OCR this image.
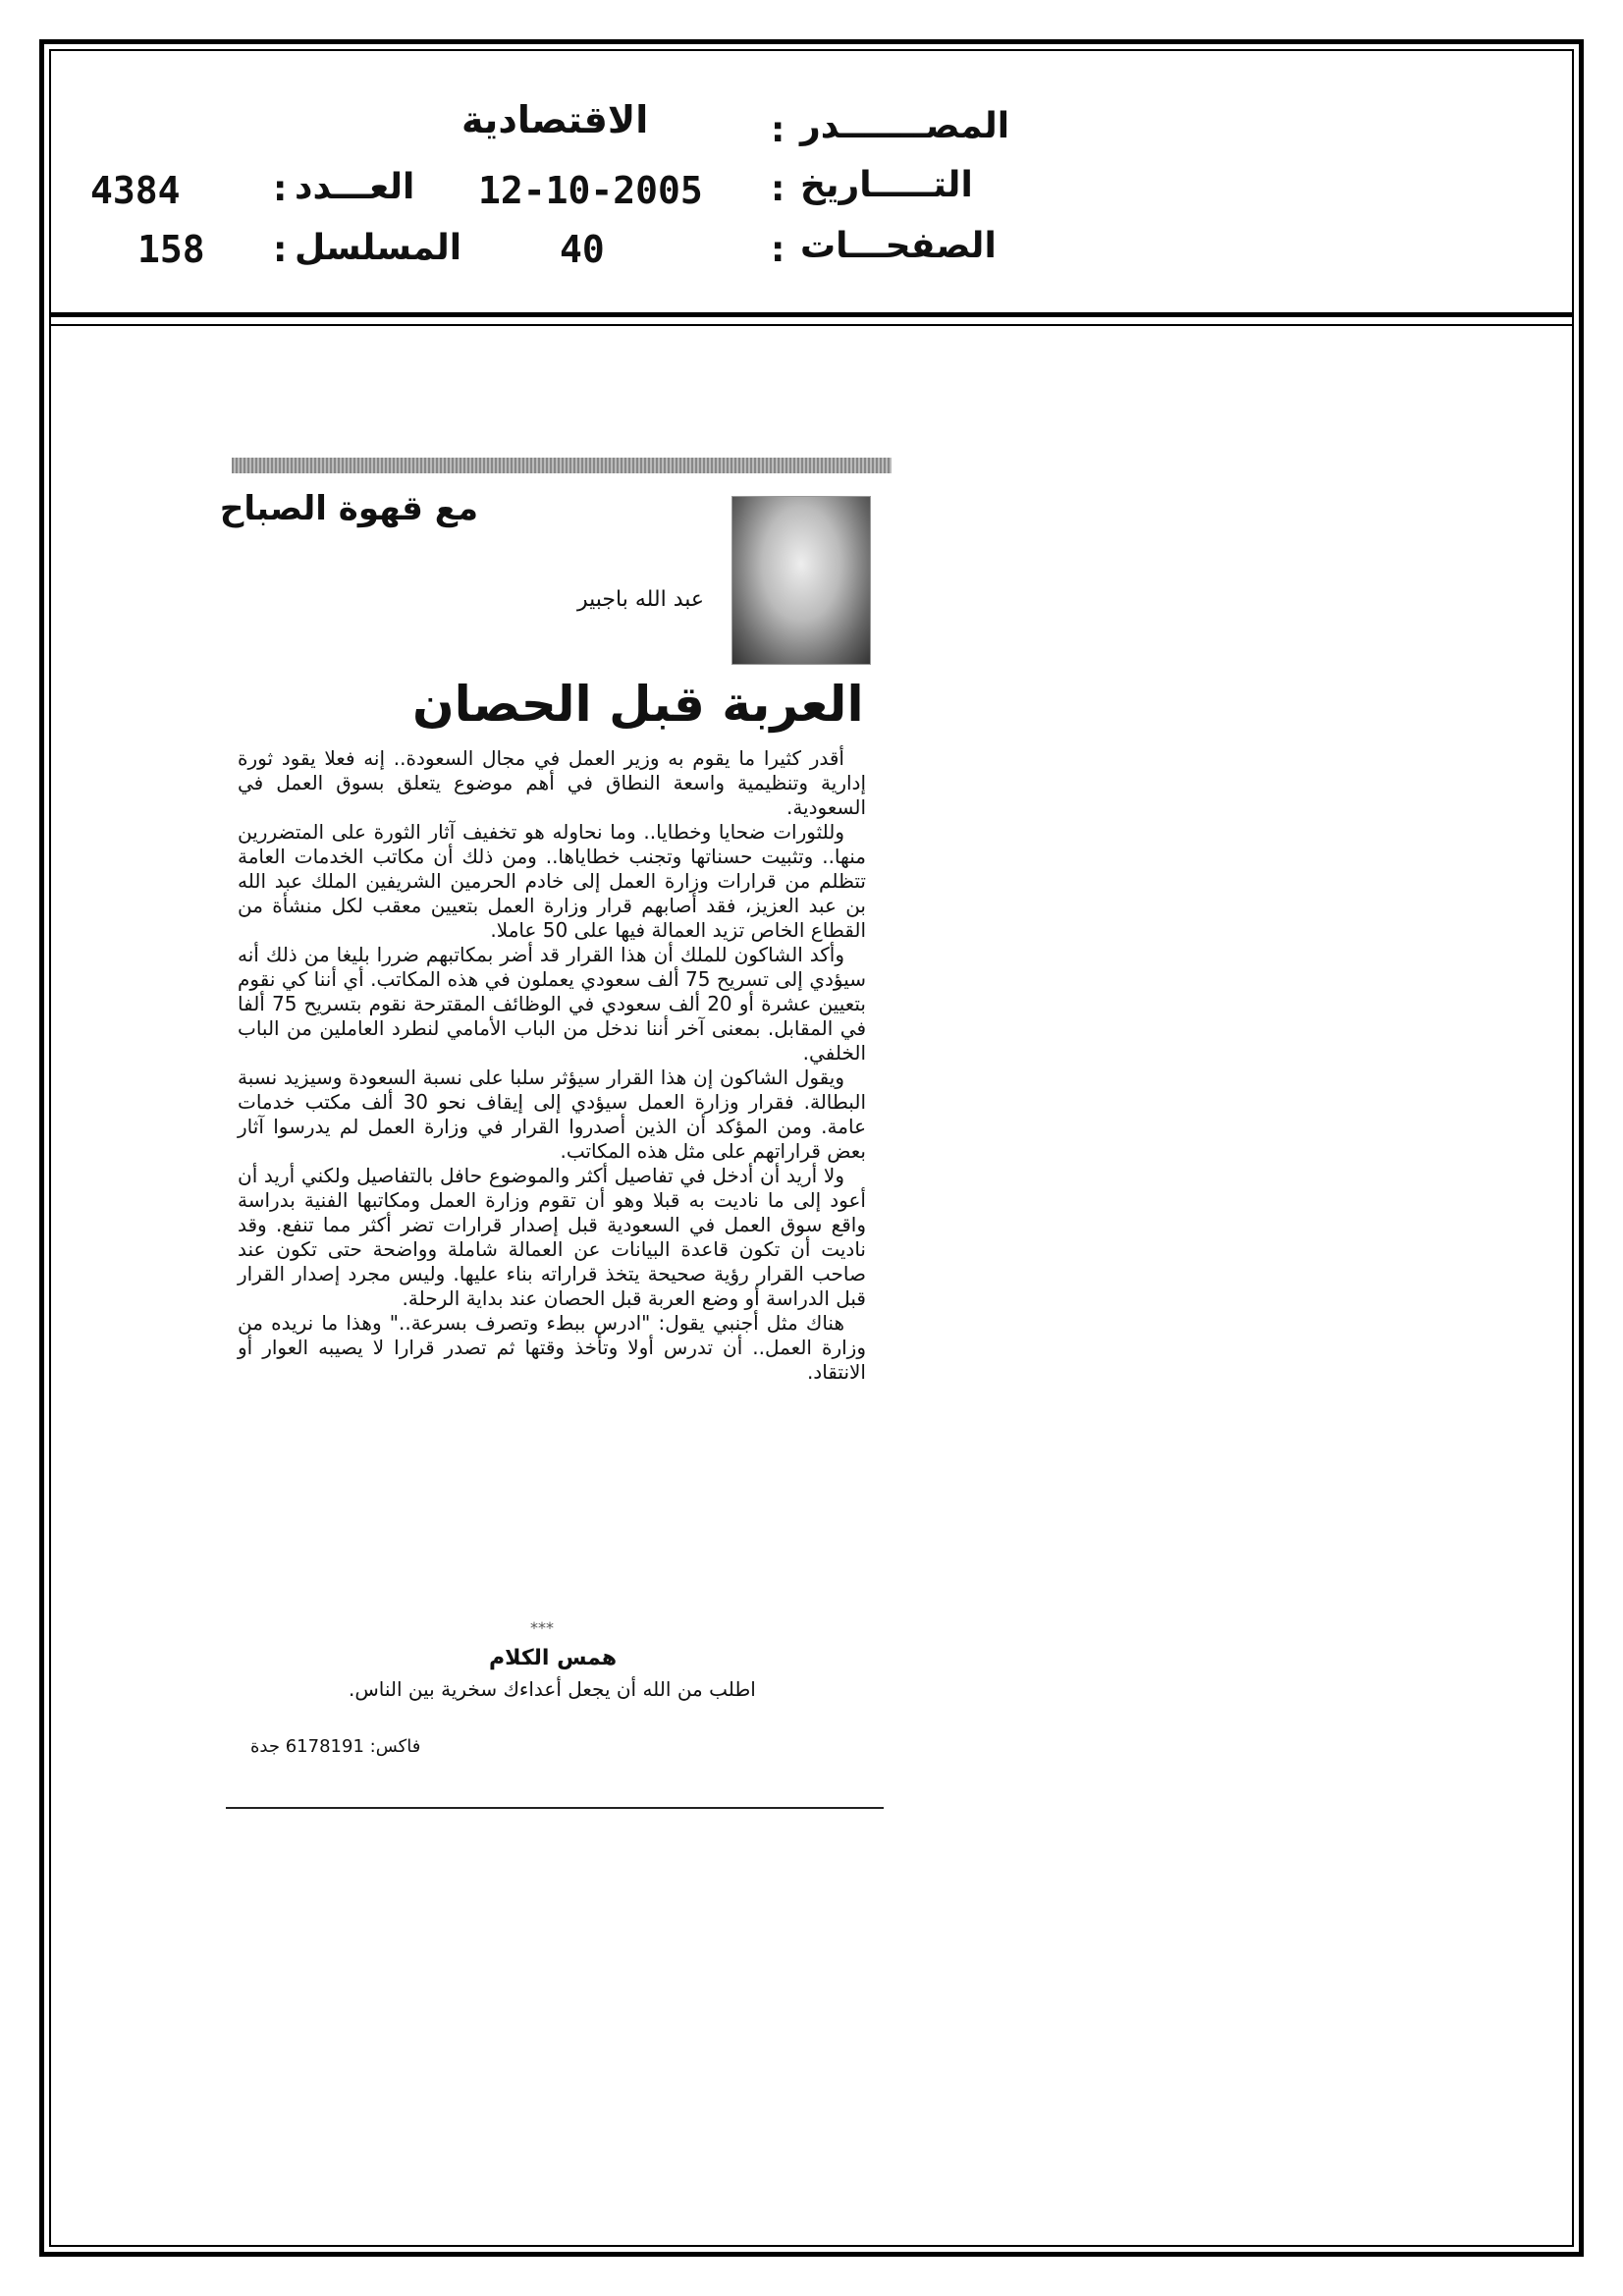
الاقتصادية	: المصـــــــدر
4384	: العـــدد 12-10-2005 : التـــــاريخ
158 : المسلسل	40	: الصفحـــات
مع قهوة الصباح
عبد الله باجبير
العربة قبل الحصان

أقدر كثيرا ما يقوم به وزير العمل في مجال السعودة.. إنه فعلا يقود ثورة إدارية وتنظيمية واسعة النطاق في أهم موضوع يتعلق بسوق العمل في السعودية.

وللثورات ضحايا وخطايا.. وما نحاوله هو تخفيف آثار الثورة على المتضررين منها.. وتثبيت حسناتها وتجنب خطاياها.. ومن ذلك أن مكاتب الخدمات العامة تتظلم من قرارات وزارة العمل إلى خادم الحرمين الشريفين الملك عبد الله بن عبد العزيز، فقد أصابهم قرار وزارة العمل بتعيين معقب لكل منشأة من القطاع الخاص تزيد العمالة فيها على 50 عاملا.

وأكد الشاكون للملك أن هذا القرار قد أضر بمكاتبهم ضررا بليغا من ذلك أنه سيؤدي إلى تسريح 75 ألف سعودي يعملون في هذه المكاتب. أي أننا كي نقوم بتعيين عشرة أو 20 ألف سعودي في الوظائف المقترحة نقوم بتسريح 75 ألفا في المقابل. بمعنى آخر أننا ندخل من الباب الأمامي لنطرد العاملين من الباب الخلفي.

ويقول الشاكون إن هذا القرار سيؤثر سلبا على نسبة السعودة وسيزيد نسبة البطالة. فقرار وزارة العمل سيؤدي إلى إيقاف نحو 30 ألف مكتب خدمات عامة. ومن المؤكد أن الذين أصدروا القرار في وزارة العمل لم يدرسوا آثار بعض قراراتهم على مثل هذه المكاتب.

ولا أريد أن أدخل في تفاصيل أكثر والموضوع حافل بالتفاصيل ولكني أريد أن أعود إلى ما ناديت به قبلا وهو أن تقوم وزارة العمل ومكاتبها الفنية بدراسة واقع سوق العمل في السعودية قبل إصدار قرارات تضر أكثر مما تنفع. وقد ناديت أن تكون قاعدة البيانات عن العمالة شاملة وواضحة حتى تكون عند صاحب القرار رؤية صحيحة يتخذ قراراته بناء عليها. وليس مجرد إصدار القرار قبل الدراسة أو وضع العربة قبل الحصان عند بداية الرحلة.

هناك مثل أجنبي يقول: "ادرس ببطء وتصرف بسرعة.." وهذا ما نريده من وزارة العمل.. أن تدرس أولا وتأخذ وقتها ثم تصدر قرارا لا يصيبه العوار أو الانتقاد.

***
همس الكلام
اطلب من الله أن يجعل أعداءك سخرية بين الناس.
فاكس: 6178191 جدة
